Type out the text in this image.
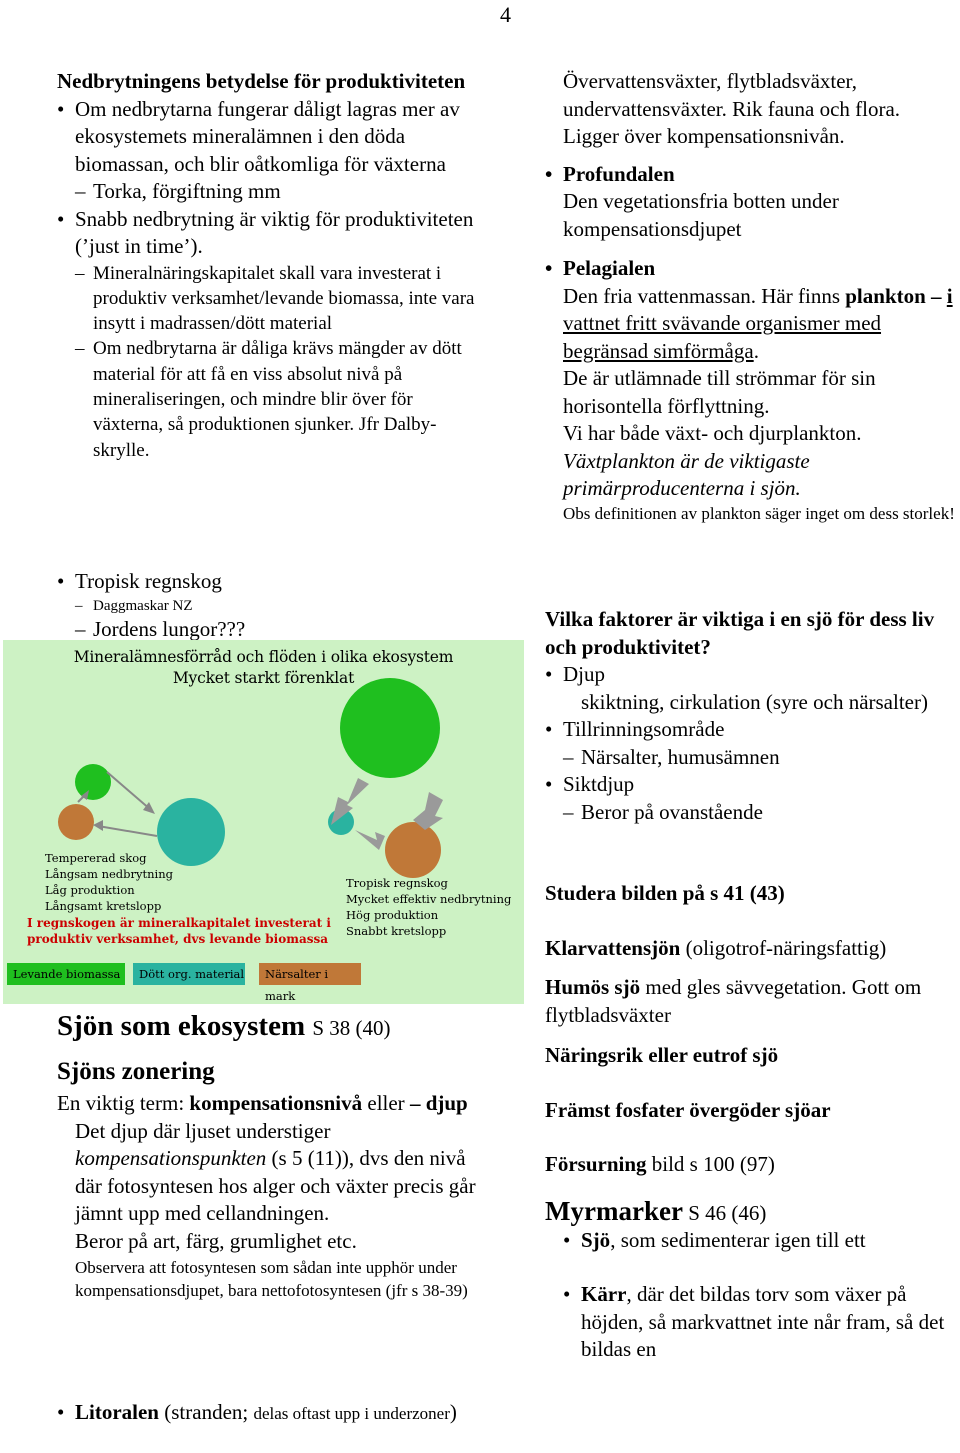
4

Nedbrytningens betydelse för produktiviteten

• Om nedbrytarna fungerar dåligt lagras mer av ekosystemets mineralämnen i den döda biomassan, och blir oåtkomliga för växterna

– Torka, förgiftning mm

• Snabb nedbrytning är viktig för produktiviteten (’just in time’).

– Mineralnäringskapitalet skall vara investerat i produktiv verksamhet/levande biomassa, inte vara insytt i madrassen/dött material

– Om nedbrytarna är dåliga krävs mängder av dött material för att få en viss absolut nivå på mineraliseringen, och mindre blir över för växterna, så produktionen sjunker. Jfr Dalby-skrylle.

• Tropisk regnskog

– Daggmaskar NZ

– Jordens lungor???

Mineralämnesförråd och flöden i olika ekosystem
Mycket starkt förenklat
Tempererad skog
Långsam nedbrytning
Låg produktion
Långsamt kretslopp
Tropisk regnskog
Mycket effektiv nedbrytning
Hög produktion
Snabbt kretslopp
I regnskogen är mineralkapitalet investerat i
produktiv verksamhet, dvs levande biomassa
Levande biomassa	Dött org. material	Närsalter i mark

Sjön som ekosystem S 38 (40)

Sjöns zonering

En viktig term: kompensationsnivå eller – djup

Det djup där ljuset understiger kompensationspunkten (s 5 (11)), dvs den nivå där fotosyntesen hos alger och växter precis går jämnt upp med cellandningen.

Beror på art, färg, grumlighet etc.

Observera att fotosyntesen som sådan inte upphör under kompensationsdjupet, bara nettofotosyntesen (jfr s 38-39)

• Litoralen (stranden; delas oftast upp i underzoner)

Övervattensväxter, flytbladsväxter, undervattensväxter. Rik fauna och flora. Ligger över kompensationsnivån.

• Profundalen

Den vegetationsfria botten under kompensationsdjupet

• Pelagialen

Den fria vattenmassan. Här finns plankton – i vattnet fritt svävande organismer med begränsad simförmåga.

De är utlämnade till strömmar för sin horisontella förflyttning.

Vi har både växt- och djurplankton.

Växtplankton är de viktigaste primärproducenterna i sjön.

Obs definitionen av plankton säger inget om dess storlek!

Vilka faktorer är viktiga i en sjö för dess liv och produktivitet?

• Djup

skiktning, cirkulation (syre och närsalter)

• Tillrinningsområde

– Närsalter, humusämnen

• Siktdjup

– Beror på ovanstående

Studera bilden på s 41 (43)

Klarvattensjön (oligotrof-näringsfattig)

Humös sjö med gles sävvegetation. Gott om flytbladsväxter

Näringsrik eller eutrof sjö

Främst fosfater övergöder sjöar

Försurning bild s 100 (97)

Myrmarker S 46 (46)

• Sjö, som sedimenterar igen till ett

• Kärr, där det bildas torv som växer på höjden, så markvattnet inte når fram, så det bildas en
